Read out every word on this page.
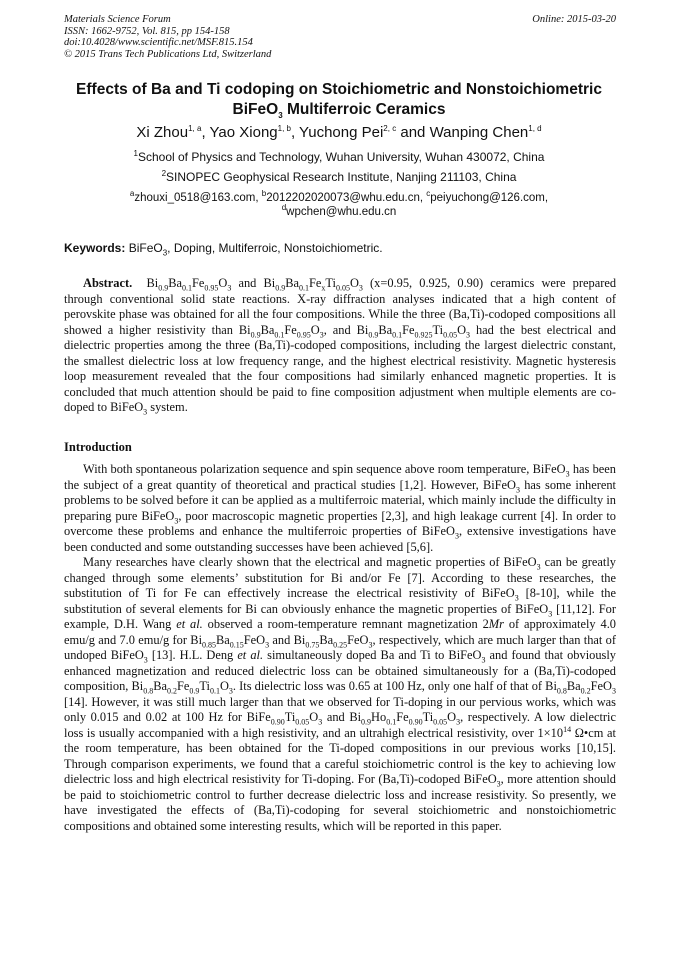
Materials Science Forum
ISSN: 1662-9752, Vol. 815, pp 154-158
doi:10.4028/www.scientific.net/MSF.815.154
© 2015 Trans Tech Publications Ltd, Switzerland
Online: 2015-03-20
Effects of Ba and Ti codoping on Stoichiometric and Nonstoichiometric
BiFeO$_3$ Multiferroic Ceramics
Xi Zhou$^{1, a}$, Yao Xiong$^{1, b}$, Yuchong Pei$^{2, c}$ and Wanping Chen$^{1, d}$
$^1$School of Physics and Technology, Wuhan University, Wuhan 430072, China
$^2$SINOPEC Geophysical Research Institute, Nanjing 211103, China
$^a$zhouxi_0518@163.com, $^b$2012202020073@whu.edu.cn, $^c$peiyuchong@126.com,
$^d$wpchen@whu.edu.cn
Keywords: BiFeO$_3$, Doping, Multiferroic, Nonstoichiometric.

Abstract.  $Bi_{0.9}Ba_{0.1}Fe_{0.95}O_3$ and $Bi_{0.9}Ba_{0.1}Fe_xTi_{0.05}O_3$ (x=0.95, 0.925, 0.90) ceramics were prepared through conventional solid state reactions. X-ray diffraction analyses indicated that a high content of perovskite phase was obtained for all the four compositions. While the three (Ba,Ti)-codoped compositions all showed a higher resistivity than $Bi_{0.9}Ba_{0.1}Fe_{0.95}O_3$, and $Bi_{0.9}Ba_{0.1}Fe_{0.925}Ti_{0.05}O_3$ had the best electrical and dielectric properties among the three (Ba,Ti)-codoped compositions, including the largest dielectric constant, the smallest dielectric loss at low frequency range, and the highest electrical resistivity. Magnetic hysteresis loop measurement revealed that the four compositions had similarly enhanced magnetic properties. It is concluded that much attention should be paid to fine composition adjustment when multiple elements are co-doped to BiFeO$_3$ system.

Introduction

With both spontaneous polarization sequence and spin sequence above room temperature, BiFeO$_3$ has been the subject of a great quantity of theoretical and practical studies [1,2]. However, BiFeO$_3$ has some inherent problems to be solved before it can be applied as a multiferroic material, which mainly include the difficulty in preparing pure BiFeO$_3$, poor macroscopic magnetic properties [2,3], and high leakage current [4]. In order to overcome these problems and enhance the multiferroic properties of BiFeO$_3$, extensive investigations have been conducted and some outstanding successes have been achieved [5,6].

Many researches have clearly shown that the electrical and magnetic properties of BiFeO$_3$ can be greatly changed through some elements’ substitution for Bi and/or Fe [7]. According to these researches, the substitution of Ti for Fe can effectively increase the electrical resistivity of BiFeO$_3$ [8-10], while the substitution of several elements for Bi can obviously enhance the magnetic properties of BiFeO$_3$ [11,12]. For example, D.H. Wang et al. observed a room-temperature remnant magnetization 2Mr of approximately 4.0 emu/g and 7.0 emu/g for $Bi_{0.85}Ba_{0.15}FeO_3$ and $Bi_{0.75}Ba_{0.25}FeO_3$, respectively, which are much larger than that of undoped BiFeO$_3$ [13]. H.L. Deng et al. simultaneously doped Ba and Ti to BiFeO$_3$ and found that obviously enhanced magnetization and reduced dielectric loss can be obtained simultaneously for a (Ba,Ti)-codoped composition, $Bi_{0.8}Ba_{0.2}Fe_{0.9}Ti_{0.1}O_3$. Its dielectric loss was 0.65 at 100 Hz, only one half of that of $Bi_{0.8}Ba_{0.2}FeO_3$ [14]. However, it was still much larger than that we observed for Ti-doping in our pervious works, which was only 0.015 and 0.02 at 100 Hz for $BiFe_{0.90}Ti_{0.05}O_3$ and $Bi_{0.9}Ho_{0.1}Fe_{0.90}Ti_{0.05}O_3$, respectively. A low dielectric loss is usually accompanied with a high resistivity, and an ultrahigh electrical resistivity, over $1\times 10^{14}$ Ω•cm at the room temperature, has been obtained for the Ti-doped compositions in our previous works [10,15]. Through comparison experiments, we found that a careful stoichiometric control is the key to achieving low dielectric loss and high electrical resistivity for Ti-doping. For (Ba,Ti)-codoped BiFeO$_3$, more attention should be paid to stoichiometric control to further decrease dielectric loss and increase resistivity. So presently, we have investigated the effects of (Ba,Ti)-codoping for several stoichiometric and nonstoichiometric compositions and obtained some interesting results, which will be reported in this paper.
